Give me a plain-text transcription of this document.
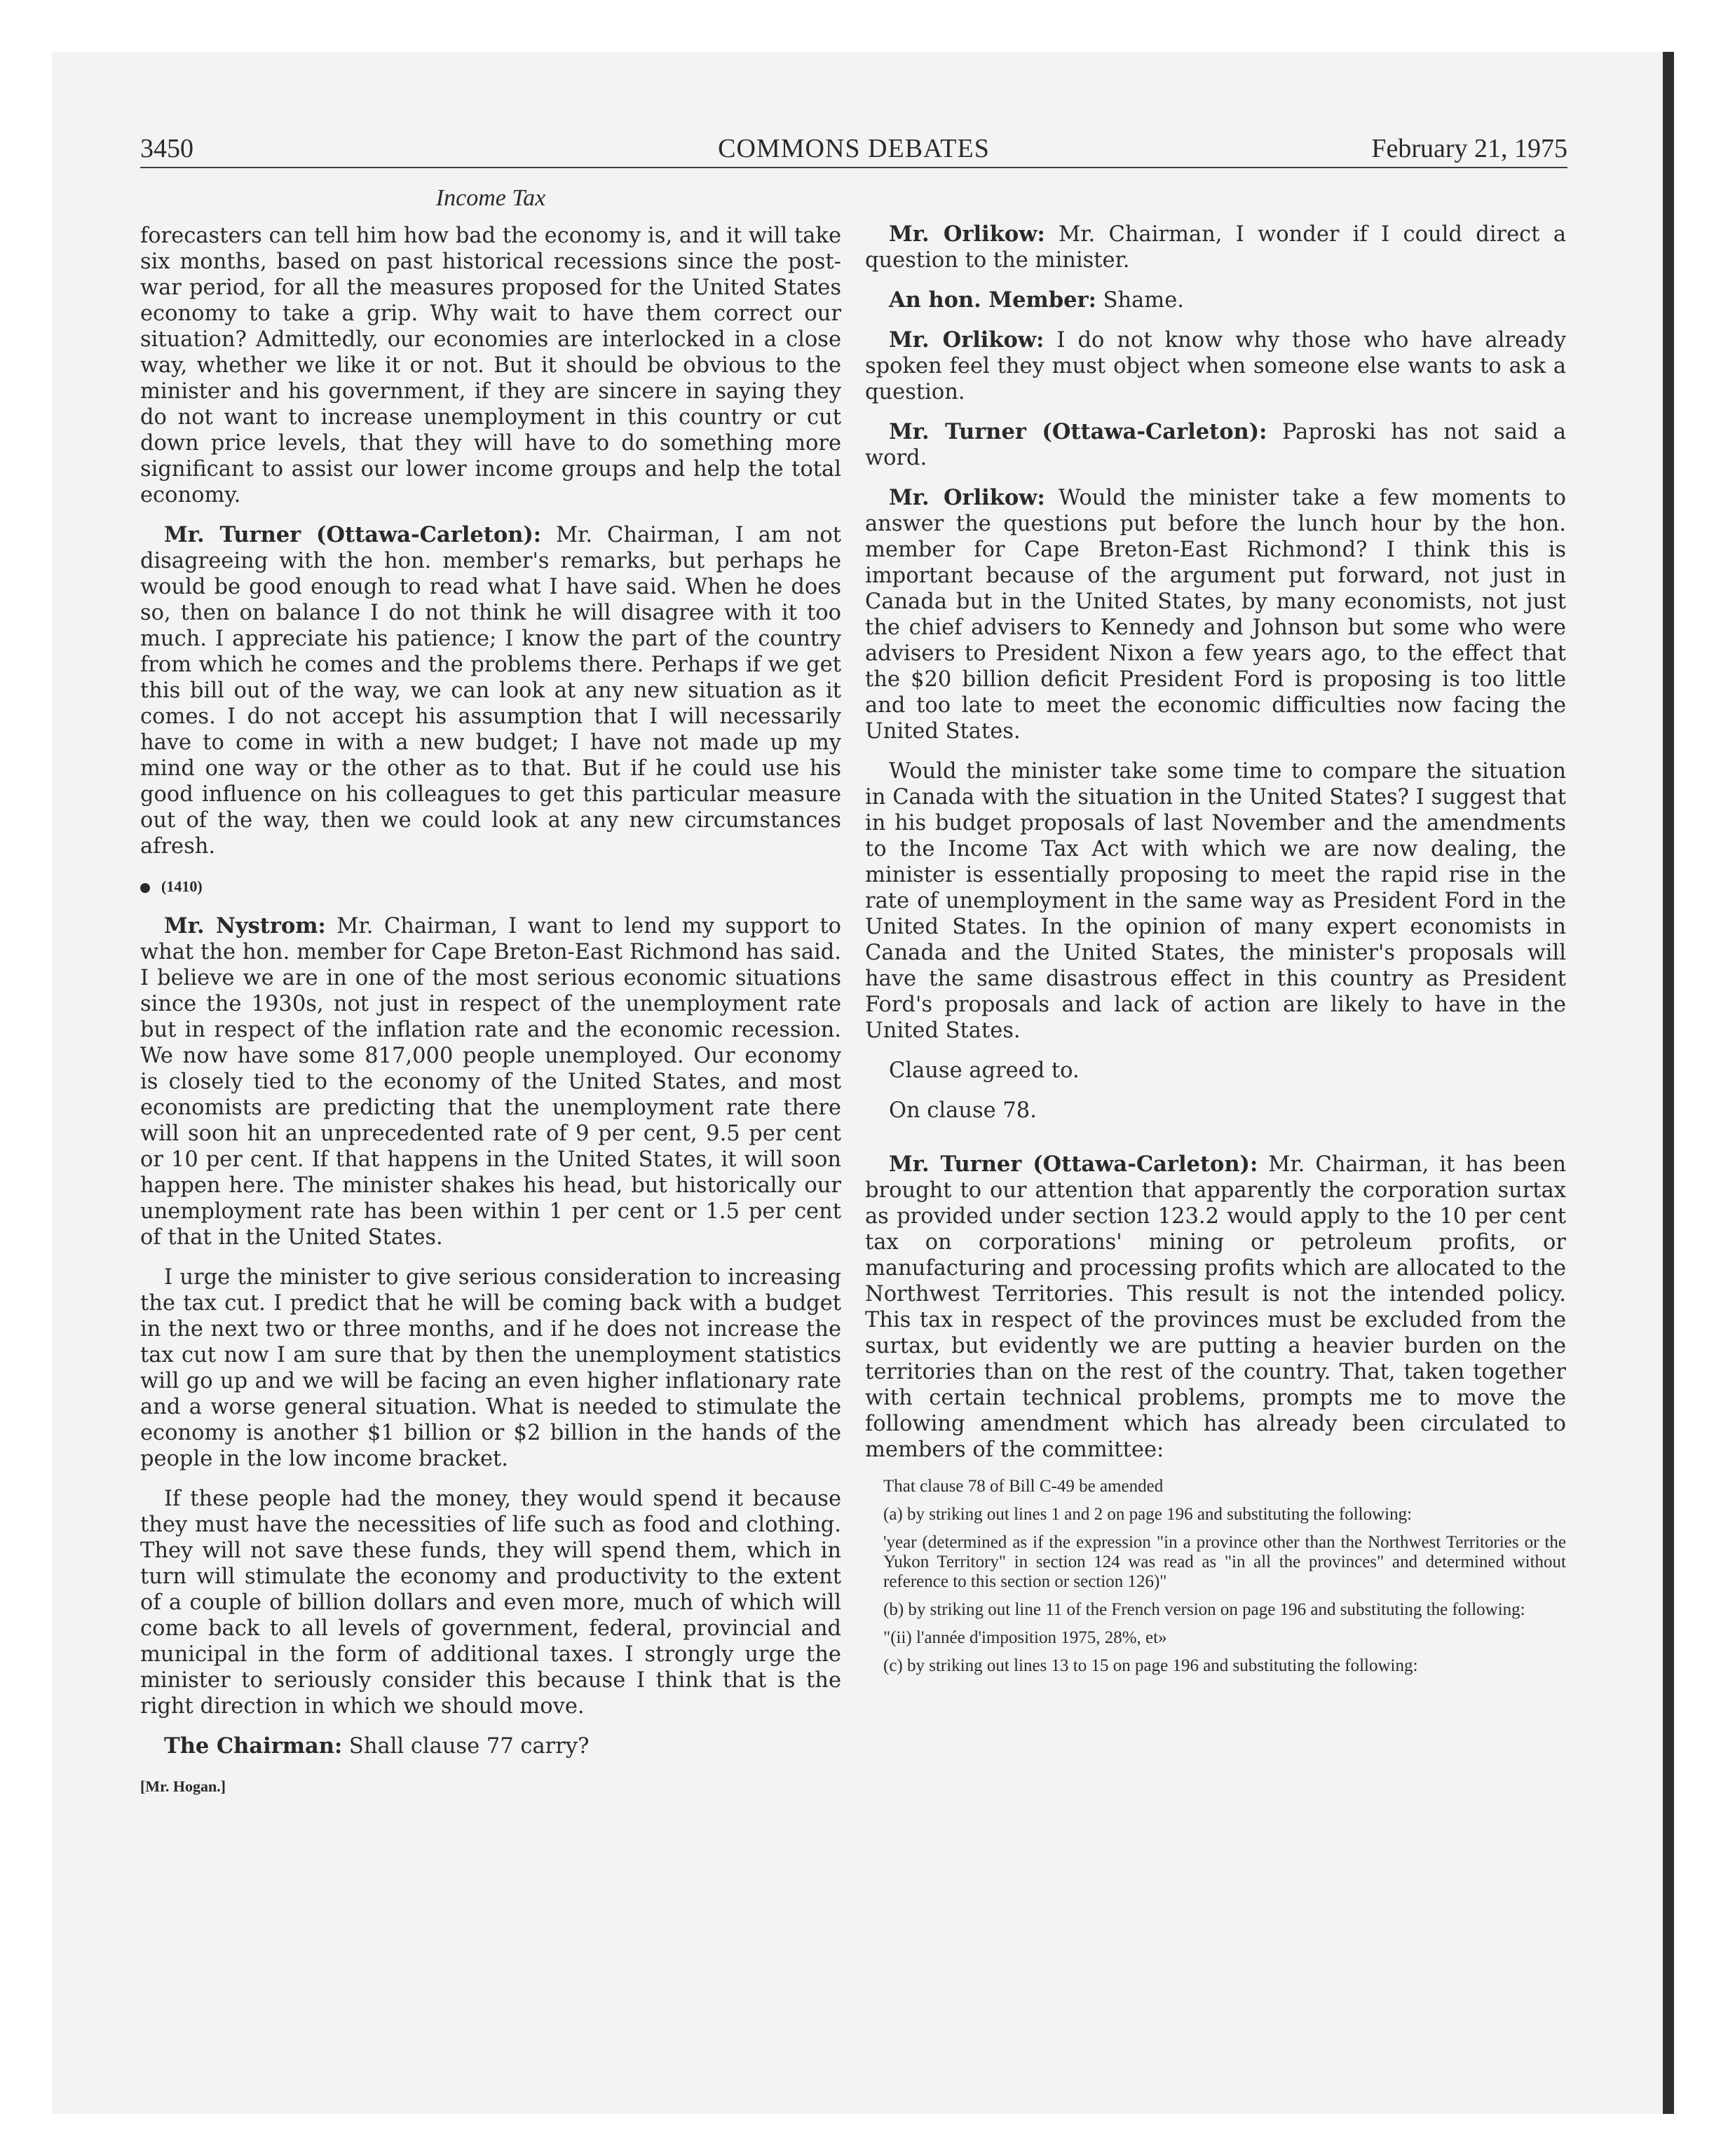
3450	COMMONS DEBATES	February 21, 1975
Income Tax

forecasters can tell him how bad the economy is, and it will take six months, based on past historical recessions since the post-war period, for all the measures proposed for the United States economy to take a grip. Why wait to have them correct our situation? Admittedly, our economies are interlocked in a close way, whether we like it or not. But it should be obvious to the minister and his government, if they are sincere in saying they do not want to increase unemployment in this country or cut down price levels, that they will have to do something more significant to assist our lower income groups and help the total economy.

Mr. Turner (Ottawa-Carleton): Mr. Chairman, I am not disagreeing with the hon. member's remarks, but perhaps he would be good enough to read what I have said. When he does so, then on balance I do not think he will disagree with it too much. I appreciate his patience; I know the part of the country from which he comes and the problems there. Perhaps if we get this bill out of the way, we can look at any new situation as it comes. I do not accept his assumption that I will necessarily have to come in with a new budget; I have not made up my mind one way or the other as to that. But if he could use his good influence on his colleagues to get this particular measure out of the way, then we could look at any new circumstances afresh.

(1410)

Mr. Nystrom: Mr. Chairman, I want to lend my support to what the hon. member for Cape Breton-East Richmond has said. I believe we are in one of the most serious economic situations since the 1930s, not just in respect of the unemployment rate but in respect of the inflation rate and the economic recession. We now have some 817,000 people unemployed. Our economy is closely tied to the economy of the United States, and most economists are predicting that the unemployment rate there will soon hit an unprecedented rate of 9 per cent, 9.5 per cent or 10 per cent. If that happens in the United States, it will soon happen here. The minister shakes his head, but historically our unemployment rate has been within 1 per cent or 1.5 per cent of that in the United States.

I urge the minister to give serious consideration to increasing the tax cut. I predict that he will be coming back with a budget in the next two or three months, and if he does not increase the tax cut now I am sure that by then the unemployment statistics will go up and we will be facing an even higher inflationary rate and a worse general situation. What is needed to stimulate the economy is another $1 billion or $2 billion in the hands of the people in the low income bracket.

If these people had the money, they would spend it because they must have the necessities of life such as food and clothing. They will not save these funds, they will spend them, which in turn will stimulate the economy and productivity to the extent of a couple of billion dollars and even more, much of which will come back to all levels of government, federal, provincial and municipal in the form of additional taxes. I strongly urge the minister to seriously consider this because I think that is the right direction in which we should move.

The Chairman: Shall clause 77 carry?

[Mr. Hogan.]

Mr. Orlikow: Mr. Chairman, I wonder if I could direct a question to the minister.

An hon. Member: Shame.

Mr. Orlikow: I do not know why those who have already spoken feel they must object when someone else wants to ask a question.

Mr. Turner (Ottawa-Carleton): Paproski has not said a word.

Mr. Orlikow: Would the minister take a few moments to answer the questions put before the lunch hour by the hon. member for Cape Breton-East Richmond? I think this is important because of the argument put forward, not just in Canada but in the United States, by many economists, not just the chief advisers to Kennedy and Johnson but some who were advisers to President Nixon a few years ago, to the effect that the $20 billion deficit President Ford is proposing is too little and too late to meet the economic difficulties now facing the United States.

Would the minister take some time to compare the situation in Canada with the situation in the United States? I suggest that in his budget proposals of last November and the amendments to the Income Tax Act with which we are now dealing, the minister is essentially proposing to meet the rapid rise in the rate of unemployment in the same way as President Ford in the United States. In the opinion of many expert economists in Canada and the United States, the minister's proposals will have the same disastrous effect in this country as President Ford's proposals and lack of action are likely to have in the United States.

Clause agreed to.

On clause 78.

Mr. Turner (Ottawa-Carleton): Mr. Chairman, it has been brought to our attention that apparently the corporation surtax as provided under section 123.2 would apply to the 10 per cent tax on corporations' mining or petroleum profits, or manufacturing and processing profits which are allocated to the Northwest Territories. This result is not the intended policy. This tax in respect of the provinces must be excluded from the surtax, but evidently we are putting a heavier burden on the territories than on the rest of the country. That, taken together with certain technical problems, prompts me to move the following amendment which has already been circulated to members of the committee:

That clause 78 of Bill C-49 be amended

(a) by striking out lines 1 and 2 on page 196 and substituting the following:

'year (determined as if the expression "in a province other than the Northwest Territories or the Yukon Territory" in section 124 was read as "in all the provinces" and determined without reference to this section or section 126)"

(b) by striking out line 11 of the French version on page 196 and substituting the following:

"(ii) l'année d'imposition 1975, 28%, et»

(c) by striking out lines 13 to 15 on page 196 and substituting the following:
